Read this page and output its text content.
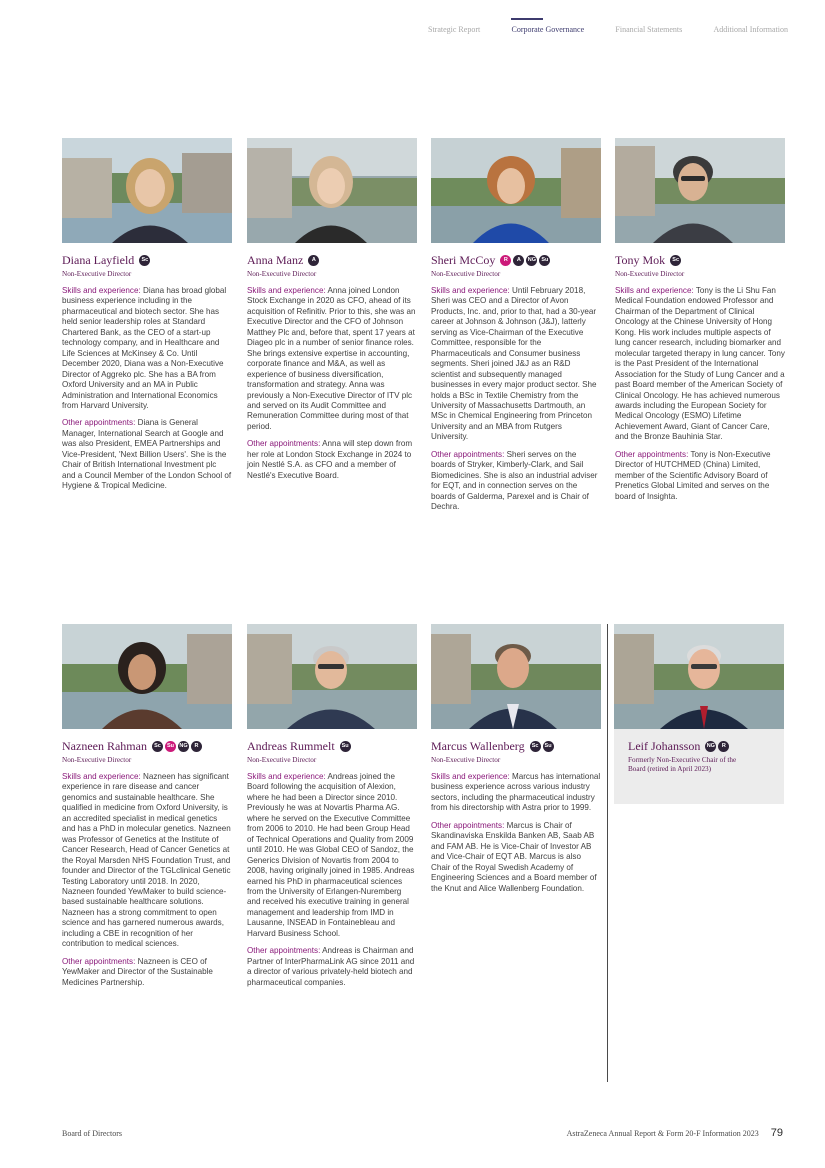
Strategic Report	Corporate Governance	Financial Statements	Additional Information
Diana Layfield	Sc
Non-Executive Director

Skills and experience: Diana has broad global business experience including in the pharmaceutical and biotech sector. She has held senior leadership roles at Standard Chartered Bank, as the CEO of a start-up technology company, and in Healthcare and Life Sciences at McKinsey & Co. Until December 2020, Diana was a Non-Executive Director of Aggreko plc. She has a BA from Oxford University and an MA in Public Administration and International Economics from Harvard University.

Other appointments: Diana is General Manager, International Search at Google and was also President, EMEA Partnerships and Vice-President, 'Next Billion Users'. She is the Chair of British International Investment plc and a Council Member of the London School of Hygiene & Tropical Medicine.

Anna Manz	A
Non-Executive Director

Skills and experience: Anna joined London Stock Exchange in 2020 as CFO, ahead of its acquisition of Refinitiv. Prior to this, she was an Executive Director and the CFO of Johnson Matthey Plc and, before that, spent 17 years at Diageo plc in a number of senior finance roles. She brings extensive expertise in accounting, corporate finance and M&A, as well as experience of business diversification, transformation and strategy. Anna was previously a Non-Executive Director of ITV plc and served on its Audit Committee and Remuneration Committee during most of that period.

Other appointments: Anna will step down from her role at London Stock Exchange in 2024 to join Nestlé S.A. as CFO and a member of Nestlé's Executive Board.

Sheri McCoy	R	A	NG Su
Non-Executive Director

Skills and experience: Until February 2018, Sheri was CEO and a Director of Avon Products, Inc. and, prior to that, had a 30-year career at Johnson & Johnson (J&J), latterly serving as Vice-Chairman of the Executive Committee, responsible for the Pharmaceuticals and Consumer business segments. Sheri joined J&J as an R&D scientist and subsequently managed businesses in every major product sector. She holds a BSc in Textile Chemistry from the University of Massachusetts Dartmouth, an MSc in Chemical Engineering from Princeton University and an MBA from Rutgers University.

Other appointments: Sheri serves on the boards of Stryker, Kimberly-Clark, and Sail Biomedicines. She is also an industrial adviser for EQT, and in connection serves on the boards of Galderma, Parexel and is Chair of Dechra.

Tony Mok	Sc
Non-Executive Director

Skills and experience: Tony is the Li Shu Fan Medical Foundation endowed Professor and Chairman of the Department of Clinical Oncology at the Chinese University of Hong Kong. His work includes multiple aspects of lung cancer research, including biomarker and molecular targeted therapy in lung cancer. Tony is the Past President of the International Association for the Study of Lung Cancer and a past Board member of the American Society of Clinical Oncology. He has achieved numerous awards including the European Society for Medical Oncology (ESMO) Lifetime Achievement Award, Giant of Cancer Care, and the Bronze Bauhinia Star.

Other appointments: Tony is Non-Executive Director of HUTCHMED (China) Limited, member of the Scientific Advisory Board of Prenetics Global Limited and serves on the board of Insighta.

Nazneen Rahman	Sc	Su NG	R
Non-Executive Director

Skills and experience: Nazneen has significant experience in rare disease and cancer genomics and sustainable healthcare. She qualified in medicine from Oxford University, is an accredited specialist in medical genetics and has a PhD in molecular genetics. Nazneen was Professor of Genetics at the Institute of Cancer Research, Head of Cancer Genetics at the Royal Marsden NHS Foundation Trust, and founder and Director of the TGLclinical Genetic Testing Laboratory until 2018. In 2020, Nazneen founded YewMaker to build science-based sustainable healthcare solutions. Nazneen has a strong commitment to open science and has garnered numerous awards, including a CBE in recognition of her contribution to medical sciences.

Other appointments: Nazneen is CEO of YewMaker and Director of the Sustainable Medicines Partnership.

Andreas Rummelt	Su
Non-Executive Director

Skills and experience: Andreas joined the Board following the acquisition of Alexion, where he had been a Director since 2010. Previously he was at Novartis Pharma AG. where he served on the Executive Committee from 2006 to 2010. He had been Group Head of Technical Operations and Quality from 2009 until 2010. He was Global CEO of Sandoz, the Generics Division of Novartis from 2004 to 2008, having originally joined in 1985. Andreas earned his PhD in pharmaceutical sciences from the University of Erlangen-Nuremberg and received his executive training in general management and leadership from IMD in Lausanne, INSEAD in Fontainebleau and Harvard Business School.

Other appointments: Andreas is Chairman and Partner of InterPharmaLink AG since 2011 and a director of various privately-held biotech and pharmaceutical companies.

Marcus Wallenberg	Sc	Su
Non-Executive Director

Skills and experience: Marcus has international business experience across various industry sectors, including the pharmaceutical industry from his directorship with Astra prior to 1999.

Other appointments: Marcus is Chair of Skandinaviska Enskilda Banken AB, Saab AB and FAM AB. He is Vice-Chair of Investor AB and Vice-Chair of EQT AB. Marcus is also Chair of the Royal Swedish Academy of Engineering Sciences and a Board member of the Knut and Alice Wallenberg Foundation.

Leif Johansson NG	R
Formerly Non-Executive Chair of the Board (retired in April 2023)
Board of Directors	AstraZeneca Annual Report & Form 20-F Information 2023 79
